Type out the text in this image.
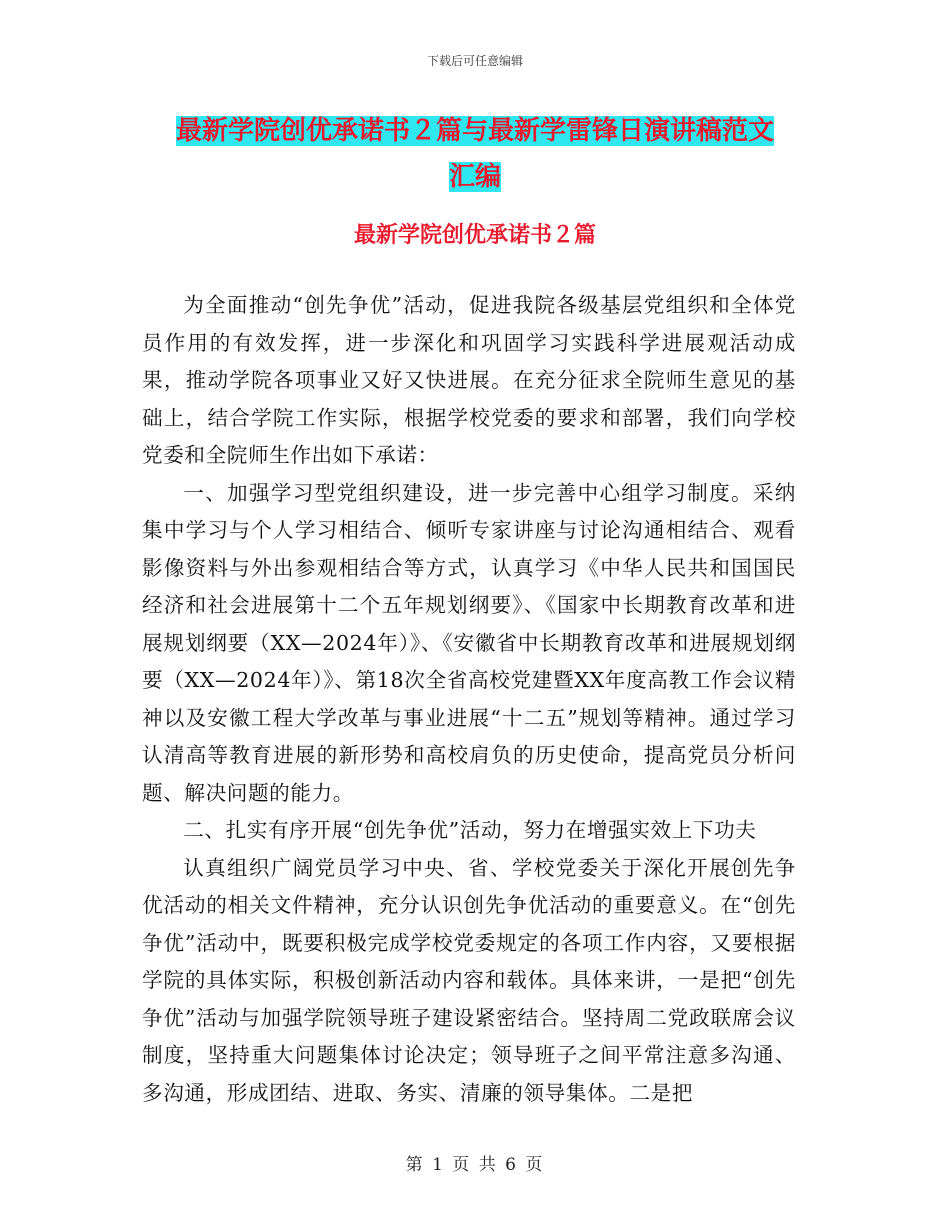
下载后可任意编辑
最新学院创优承诺书２篇与最新学雷锋日演讲稿范文
汇编
最新学院创优承诺书２篇

为全面推动“创先争优”活动，促进我院各级基层党组织和全体党员作用的有效发挥，进一步深化和巩固学习实践科学进展观活动成果，推动学院各项事业又好又快进展。在充分征求全院师生意见的基础上，结合学院工作实际，根据学校党委的要求和部署，我们向学校党委和全院师生作出如下承诺：

一、加强学习型党组织建设，进一步完善中心组学习制度。采纳集中学习与个人学习相结合、倾听专家讲座与讨论沟通相结合、观看影像资料与外出参观相结合等方式，认真学习《中华人民共和国国民经济和社会进展第十二个五年规划纲要》、《国家中长期教育改革和进展规划纲要（XX—2024年）》、《安徽省中长期教育改革和进展规划纲要（XX—2024年）》、第18次全省高校党建暨XX年度高教工作会议精神以及安徽工程大学改革与事业进展“十二五”规划等精神。通过学习认清高等教育进展的新形势和高校肩负的历史使命，提高党员分析问题、解决问题的能力。

二、扎实有序开展“创先争优”活动，努力在增强实效上下功夫

认真组织广阔党员学习中央、省、学校党委关于深化开展创先争优活动的相关文件精神，充分认识创先争优活动的重要意义。在“创先争优”活动中，既要积极完成学校党委规定的各项工作内容，又要根据学院的具体实际，积极创新活动内容和载体。具体来讲，一是把“创先争优”活动与加强学院领导班子建设紧密结合。坚持周二党政联席会议制度，坚持重大问题集体讨论决定；领导班子之间平常注意多沟通、多沟通，形成团结、进取、务实、清廉的领导集体。二是把

第 1 页 共 6 页
